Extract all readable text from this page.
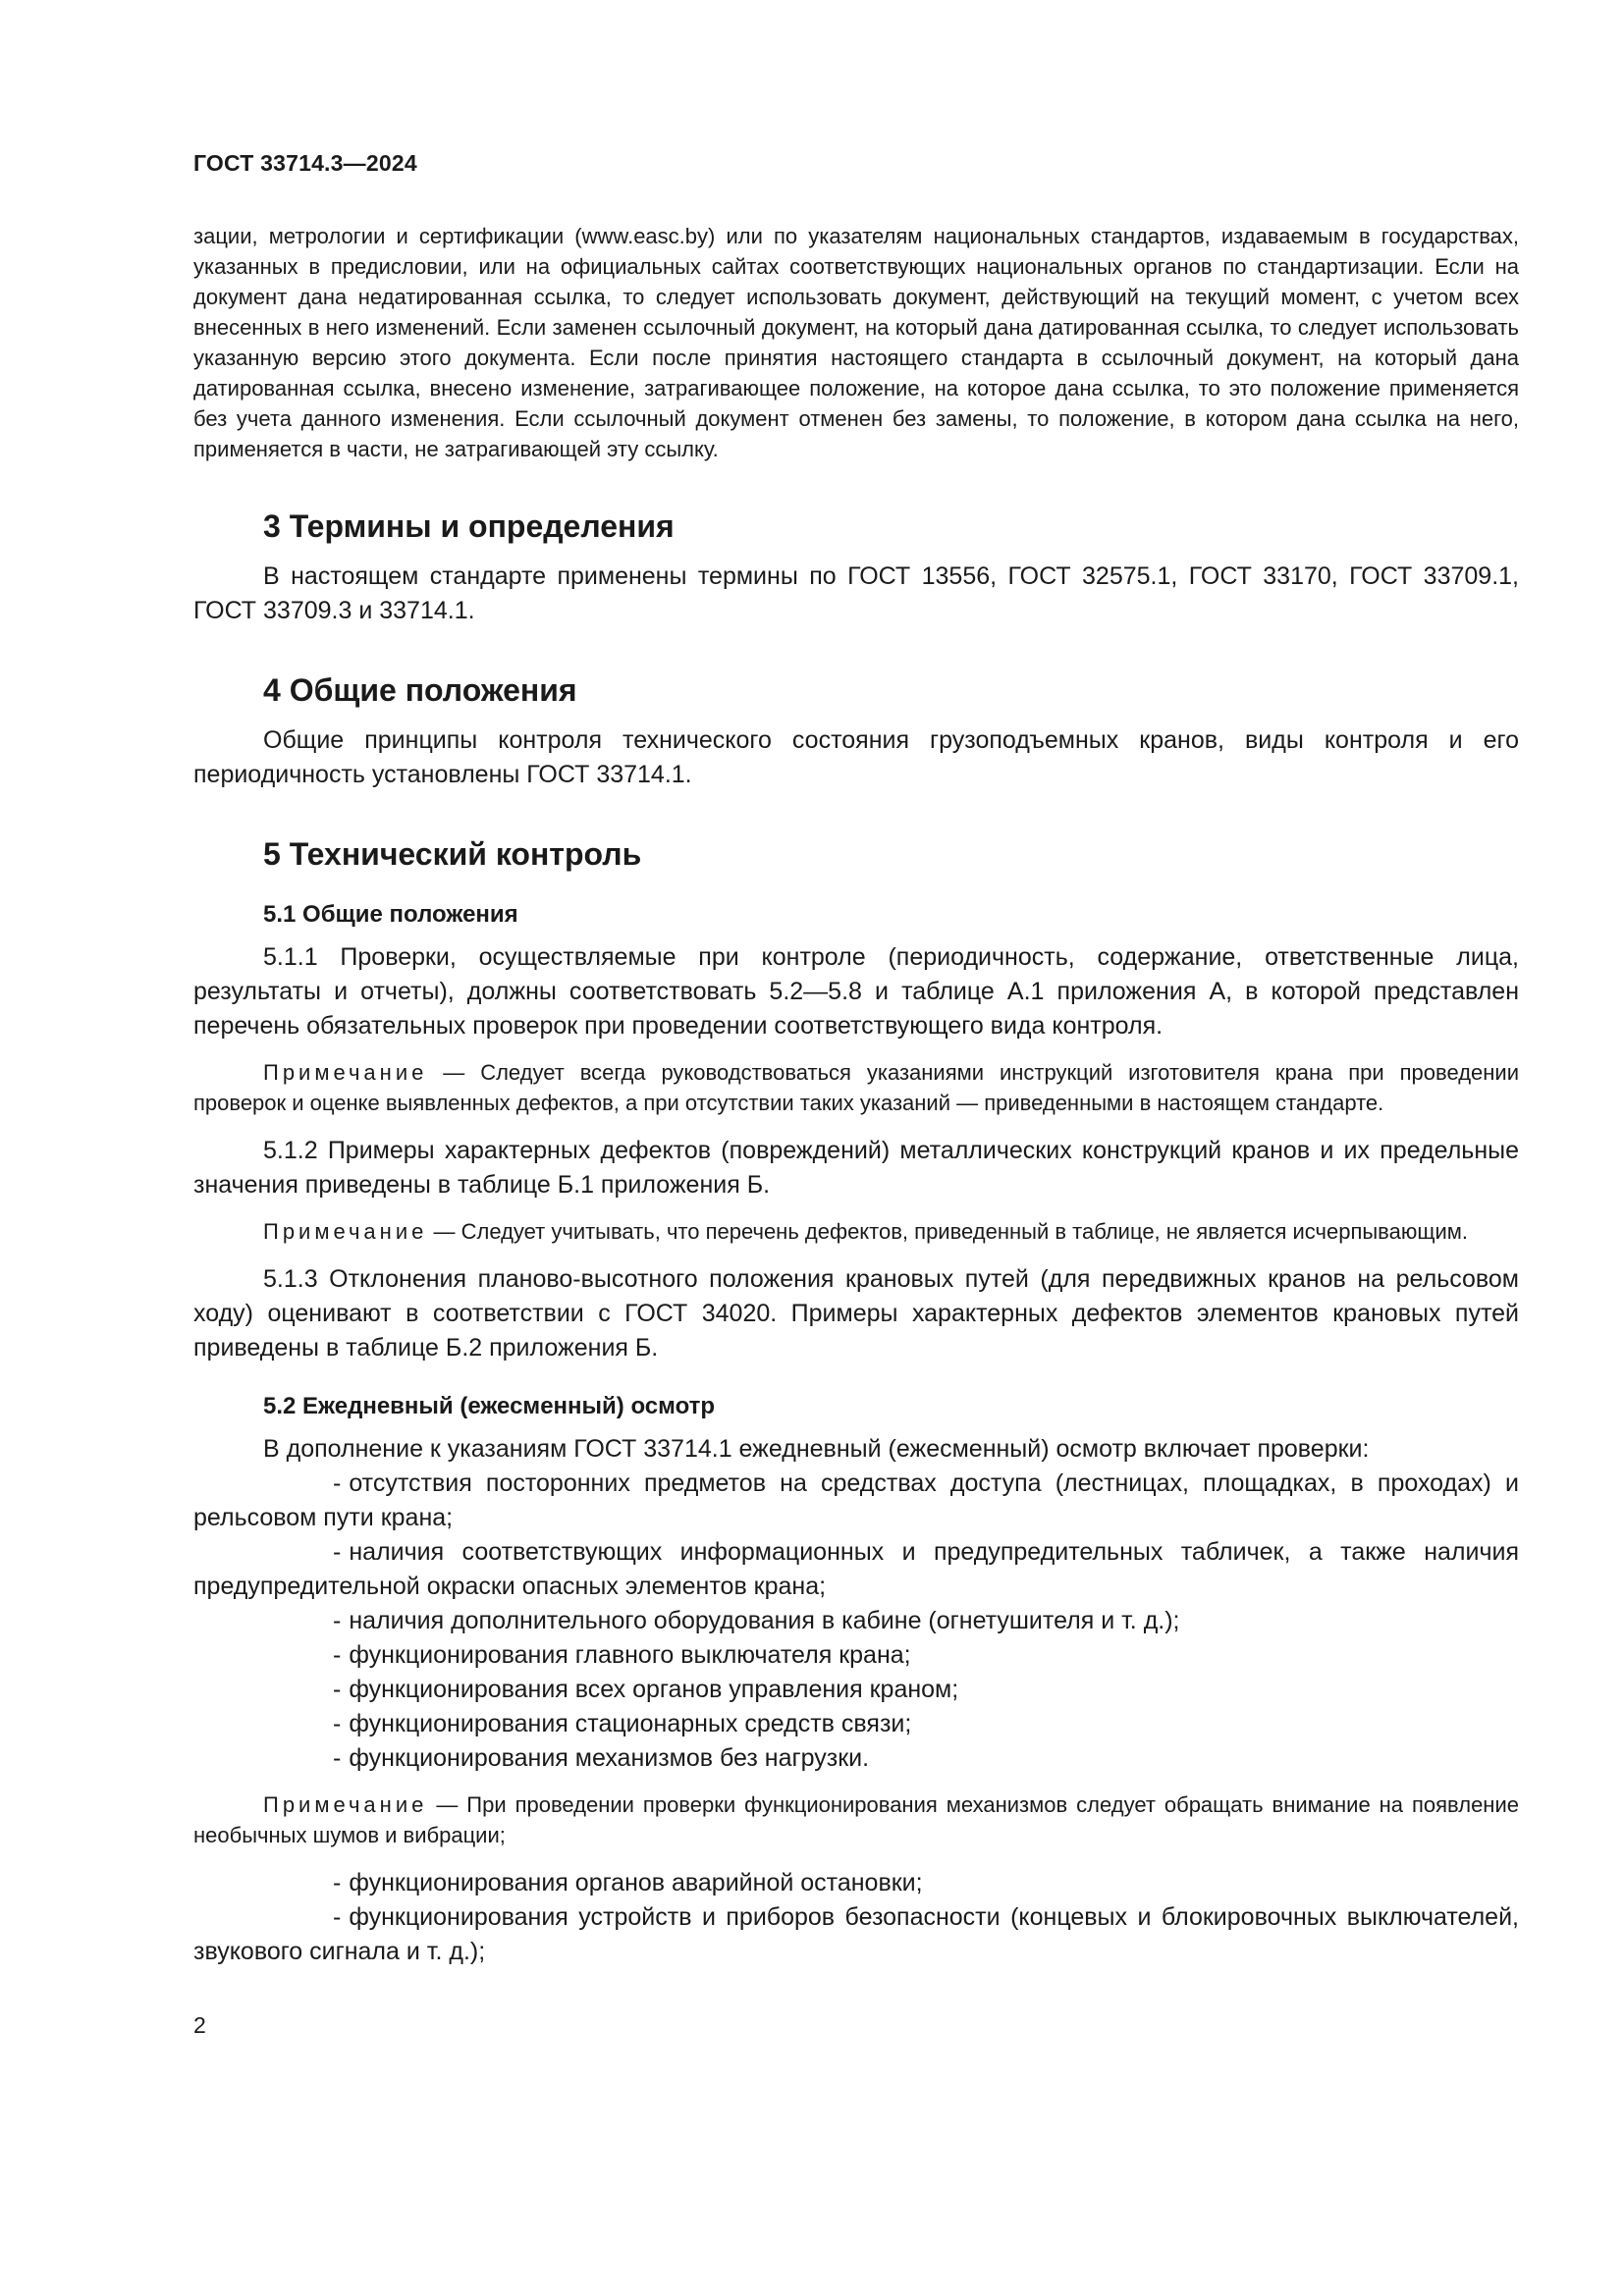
ГОСТ 33714.3—2024

зации, метрологии и сертификации (www.easc.by) или по указателям национальных стандартов, издаваемым в государствах, указанных в предисловии, или на официальных сайтах соответствующих национальных органов по стандартизации. Если на документ дана недатированная ссылка, то следует использовать документ, действующий на текущий момент, с учетом всех внесенных в него изменений. Если заменен ссылочный документ, на который дана датированная ссылка, то следует использовать указанную версию этого документа. Если после принятия настоящего стандарта в ссылочный документ, на который дана датированная ссылка, внесено изменение, затрагивающее положение, на которое дана ссылка, то это положение применяется без учета данного изменения. Если ссылочный документ отменен без замены, то положение, в котором дана ссылка на него, применяется в части, не затрагивающей эту ссылку.

3 Термины и определения

В настоящем стандарте применены термины по ГОСТ 13556, ГОСТ 32575.1, ГОСТ 33170, ГОСТ 33709.1, ГОСТ 33709.3 и 33714.1.

4 Общие положения

Общие принципы контроля технического состояния грузоподъемных кранов, виды контроля и его периодичность установлены ГОСТ 33714.1.

5 Технический контроль
5.1 Общие положения

5.1.1 Проверки, осуществляемые при контроле (периодичность, содержание, ответственные лица, результаты и отчеты), должны соответствовать 5.2—5.8 и таблице А.1 приложения А, в которой представлен перечень обязательных проверок при проведении соответствующего вида контроля.

Примечание — Следует всегда руководствоваться указаниями инструкций изготовителя крана при проведении проверок и оценке выявленных дефектов, а при отсутствии таких указаний — приведенными в настоящем стандарте.

5.1.2 Примеры характерных дефектов (повреждений) металлических конструкций кранов и их предельные значения приведены в таблице Б.1 приложения Б.

Примечание — Следует учитывать, что перечень дефектов, приведенный в таблице, не является исчерпывающим.

5.1.3 Отклонения планово-высотного положения крановых путей (для передвижных кранов на рельсовом ходу) оценивают в соответствии с ГОСТ 34020. Примеры характерных дефектов элементов крановых путей приведены в таблице Б.2 приложения Б.

5.2 Ежедневный (ежесменный) осмотр

В дополнение к указаниям ГОСТ 33714.1 ежедневный (ежесменный) осмотр включает проверки:

- отсутствия посторонних предметов на средствах доступа (лестницах, площадках, в проходах) и рельсовом пути крана;
- наличия соответствующих информационных и предупредительных табличек, а также наличия предупредительной окраски опасных элементов крана;
- наличия дополнительного оборудования в кабине (огнетушителя и т. д.);
- функционирования главного выключателя крана;
- функционирования всех органов управления краном;
- функционирования стационарных средств связи;
- функционирования механизмов без нагрузки.

Примечание — При проведении проверки функционирования механизмов следует обращать внимание на появление необычных шумов и вибрации;

- функционирования органов аварийной остановки;
- функционирования устройств и приборов безопасности (концевых и блокировочных выключателей, звукового сигнала и т. д.);
2
